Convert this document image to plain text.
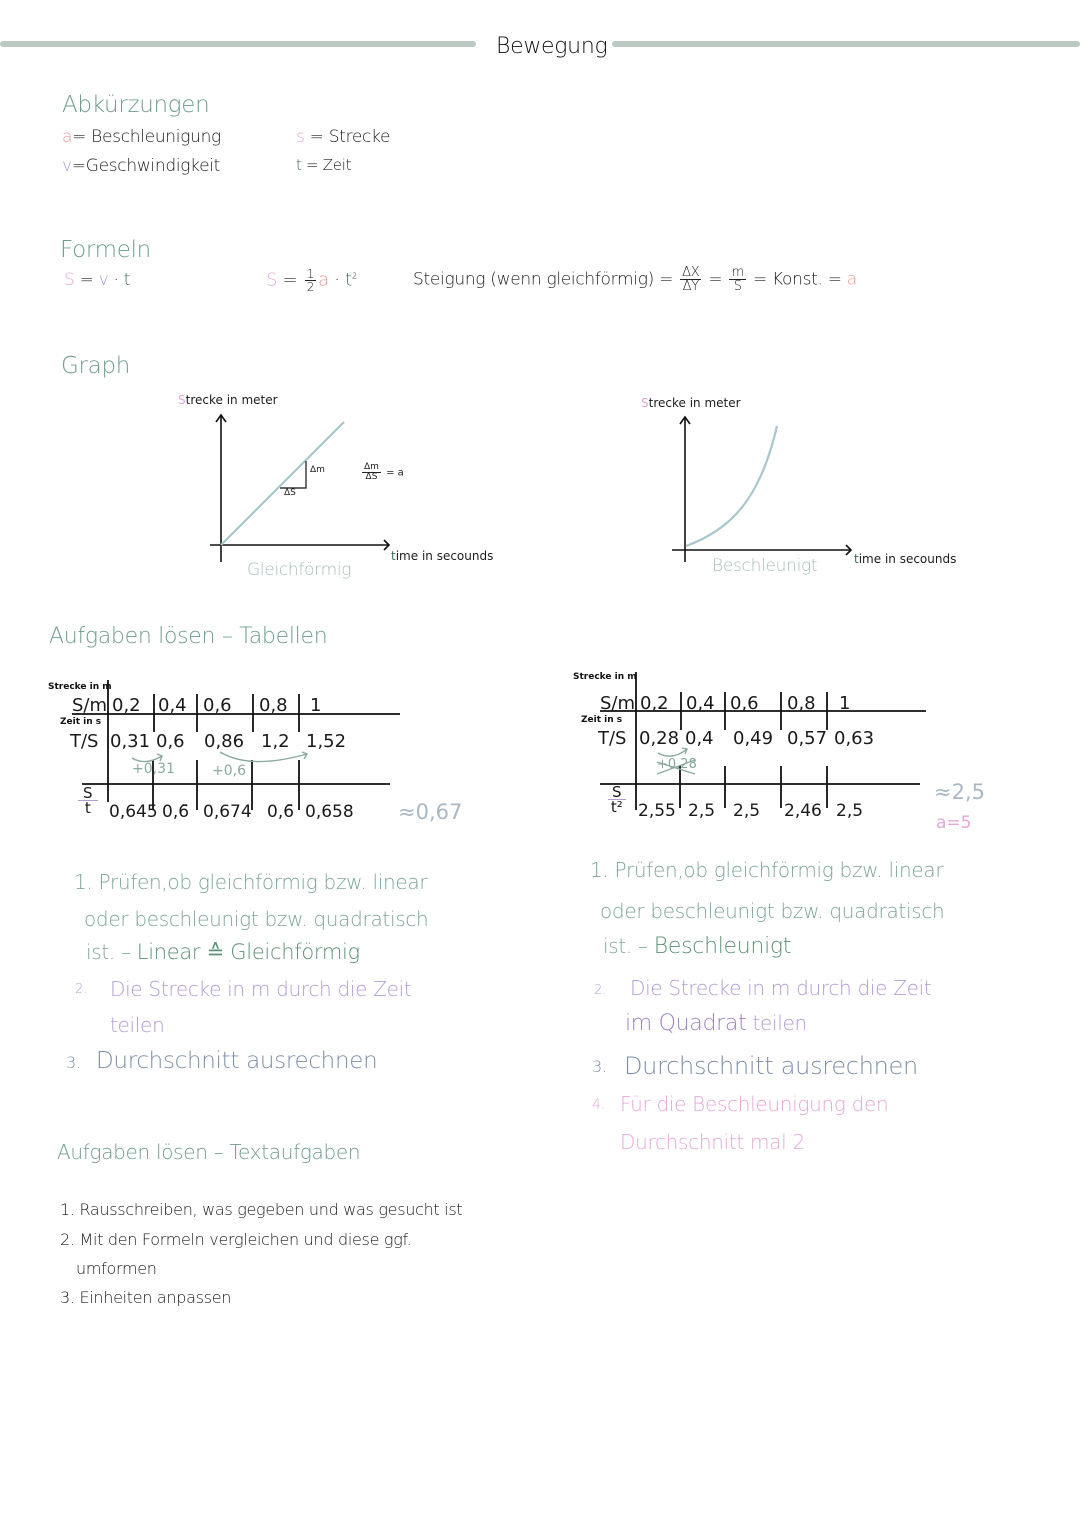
Bewegung
Abkürzungen
a= Beschleunigung
v=Geschwindigkeit
s = Strecke
t = Zeit
Formeln
S = v · t	$S = \frac{1}{2}$ $a \cdot t^2$	Steigung (wenn gleichförmig) = $\frac{\Delta X}{\Delta Y} = \frac{m}{S}$ = Konst. = a
Graph
Strecke in meter
Δm
ΔS
$\frac{\Delta m}{\Delta S} = a$
time in secounds
Gleichförmig
Strecke in meter
time in secounds
Beschleunigt
Aufgaben lösen – Tabellen
Strecke in m
Zeit in s
S/m 0,2 0,4 0,6 0,8 1
T/S 0,31 0,6 0,86 1,2 1,52
+0,31	+0,6
$\frac{S}{t} 0,645$ 0,6̄ 0,674 0,6̄ 0,658 ≈0,67
Strecke in m
Zeit in s
S/m 0,2 0,4 0,6 0,8 1
T/S 0,28 0,4 0,49 0,57 0,63
+0,28
$\frac{S}{\text{t²}} 2,55$ 2,5 2,5 2,46 2,5
≈2,5
a=5
1. Prüfen,ob gleichförmig bzw. linear
oder beschleunigt bzw. quadratisch
ist. – Linear ≙ Gleichförmig
2. Die Strecke in m durch die Zeit
teilen
3. Durchschnitt ausrechnen
1. Prüfen,ob gleichförmig bzw. linear
oder beschleunigt bzw. quadratisch
ist. – Beschleunigt
2. Die Strecke in m durch die Zeit
im Quadrat teilen
3. Durchschnitt ausrechnen
4. Für die Beschleunigung den
Durchschnitt mal 2
Aufgaben lösen – Textaufgaben
1. Rausschreiben, was gegeben und was gesucht ist
2. Mit den Formeln vergleichen und diese ggf.
umformen
3. Einheiten anpassen
